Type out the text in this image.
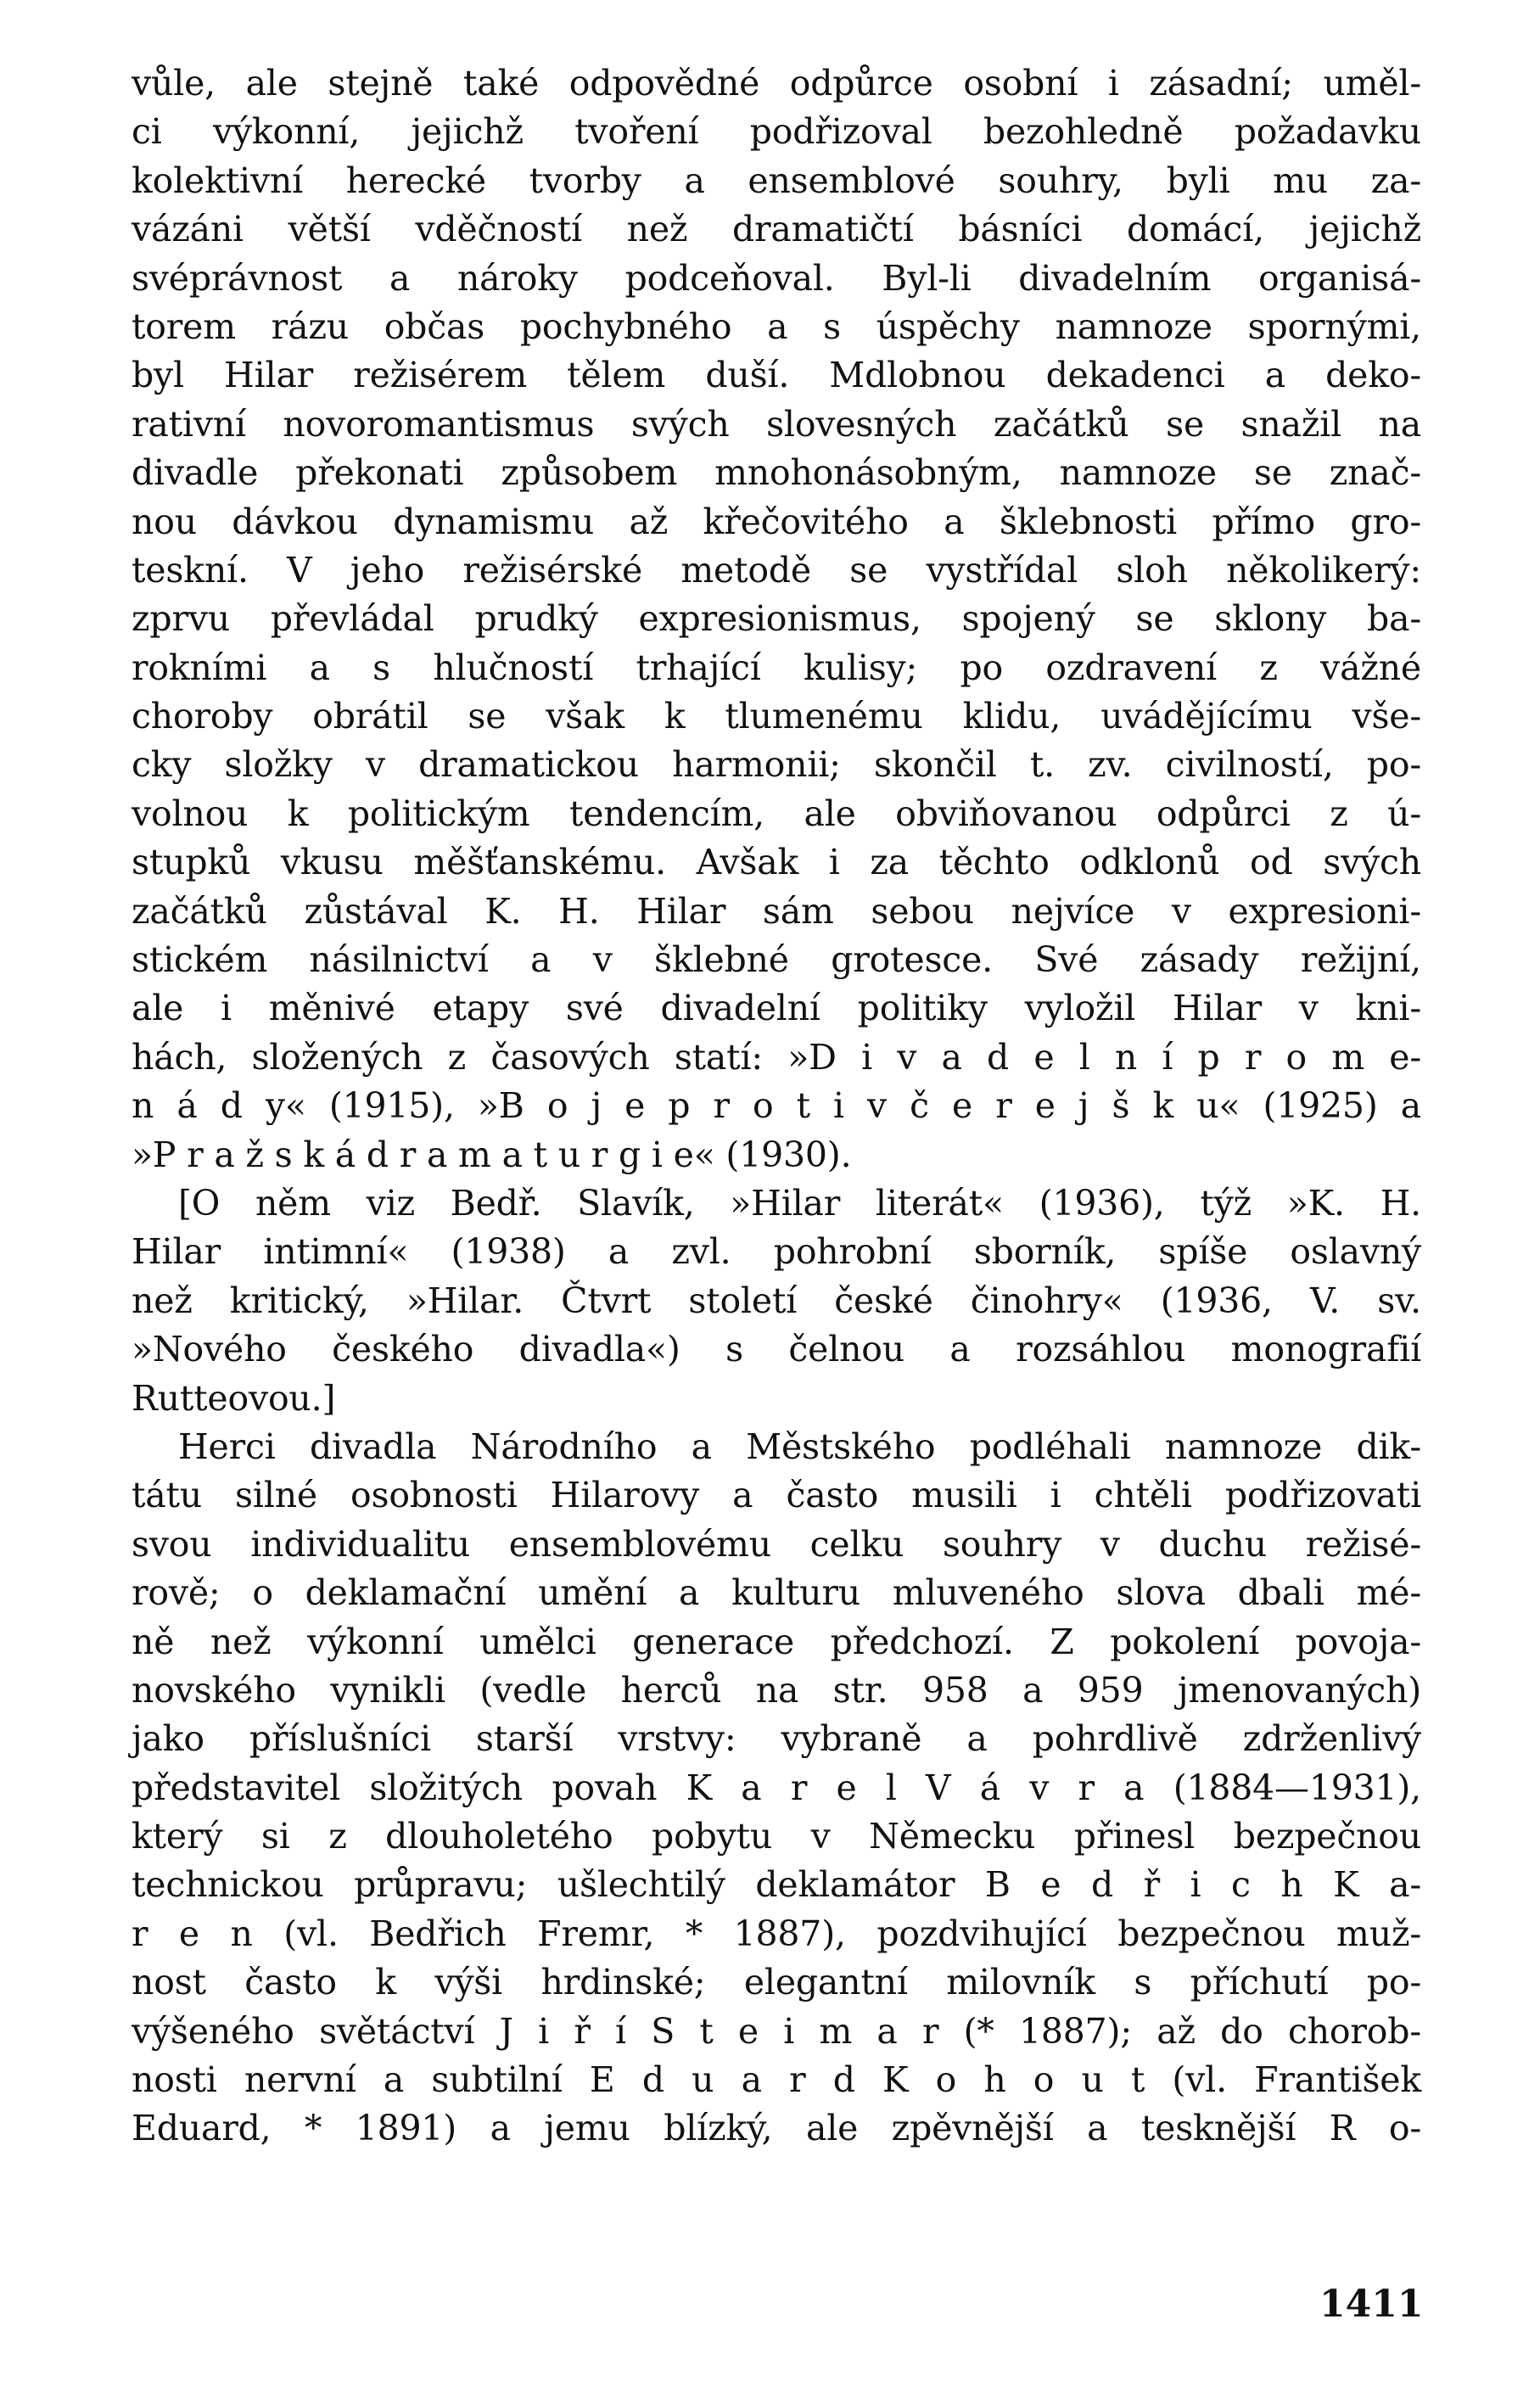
vůle, ale stejně také odpovědné odpůrce osobní i zásadní; uměl-
ci výkonní, jejichž tvoření podřizoval bezohledně požadavku
kolektivní herecké tvorby a ensemblové souhry, byli mu za-
vázáni větší vděčností než dramatičtí básníci domácí, jejichž
svéprávnost a nároky podceňoval. Byl-li divadelním organisá-
torem rázu občas pochybného a s úspěchy namnoze spornými,
byl Hilar režisérem tělem duší. Mdlobnou dekadenci a deko-
rativní novoromantismus svých slovesných začátků se snažil na
divadle překonati způsobem mnohonásobným, namnoze se znač-
nou dávkou dynamismu až křečovitého a šklebnosti přímo gro-
teskní. V jeho režisérské metodě se vystřídal sloh několikerý:
zprvu převládal prudký expresionismus, spojený se sklony ba-
rokními a s hlučností trhající kulisy; po ozdravení z vážné
choroby obrátil se však k tlumenému klidu, uvádějícímu vše-
cky složky v dramatickou harmonii; skončil t. zv. civilností, po-
volnou k politickým tendencím, ale obviňovanou odpůrci z ú-
stupků vkusu měšťanskému. Avšak i za těchto odklonů od svých
začátků zůstával K. H. Hilar sám sebou nejvíce v expresioni-
stickém násilnictví a v šklebné grotesce. Své zásady režijní,
ale i měnivé etapy své divadelní politiky vyložil Hilar v kni-
hách, složených z časových statí: »D i v a d e l n í p r o m e-
n á d y« (1915), »B o j e p r o t i v č e r e j š k u« (1925) a
»P r a ž s k á d r a m a t u r g i e« (1930).
[O něm viz Bedř. Slavík, »Hilar literát« (1936), týž »K. H.
Hilar intimní« (1938) a zvl. pohrobní sborník, spíše oslavný
než kritický, »Hilar. Čtvrt století české činohry« (1936, V. sv.
»Nového českého divadla«) s čelnou a rozsáhlou monografií
Rutteovou.]
Herci divadla Národního a Městského podléhali namnoze dik-
tátu silné osobnosti Hilarovy a často musili i chtěli podřizovati
svou individualitu ensemblovému celku souhry v duchu režisé-
rově; o deklamační umění a kulturu mluveného slova dbali mé-
ně než výkonní umělci generace předchozí. Z pokolení povoja-
novského vynikli (vedle herců na str. 958 a 959 jmenovaných)
jako příslušníci starší vrstvy: vybraně a pohrdlivě zdrženlivý
představitel složitých povah K a r e l V á v r a (1884—1931),
který si z dlouholetého pobytu v Německu přinesl bezpečnou
technickou průpravu; ušlechtilý deklamátor B e d ř i c h K a-
r e n (vl. Bedřich Fremr, * 1887), pozdvihující bezpečnou muž-
nost často k výši hrdinské; elegantní milovník s příchutí po-
výšeného světáctví J i ř í S t e i m a r (* 1887); až do chorob-
nosti nervní a subtilní E d u a r d K o h o u t (vl. František
Eduard, * 1891) a jemu blízký, ale zpěvnější a tesknější R o-
1411
